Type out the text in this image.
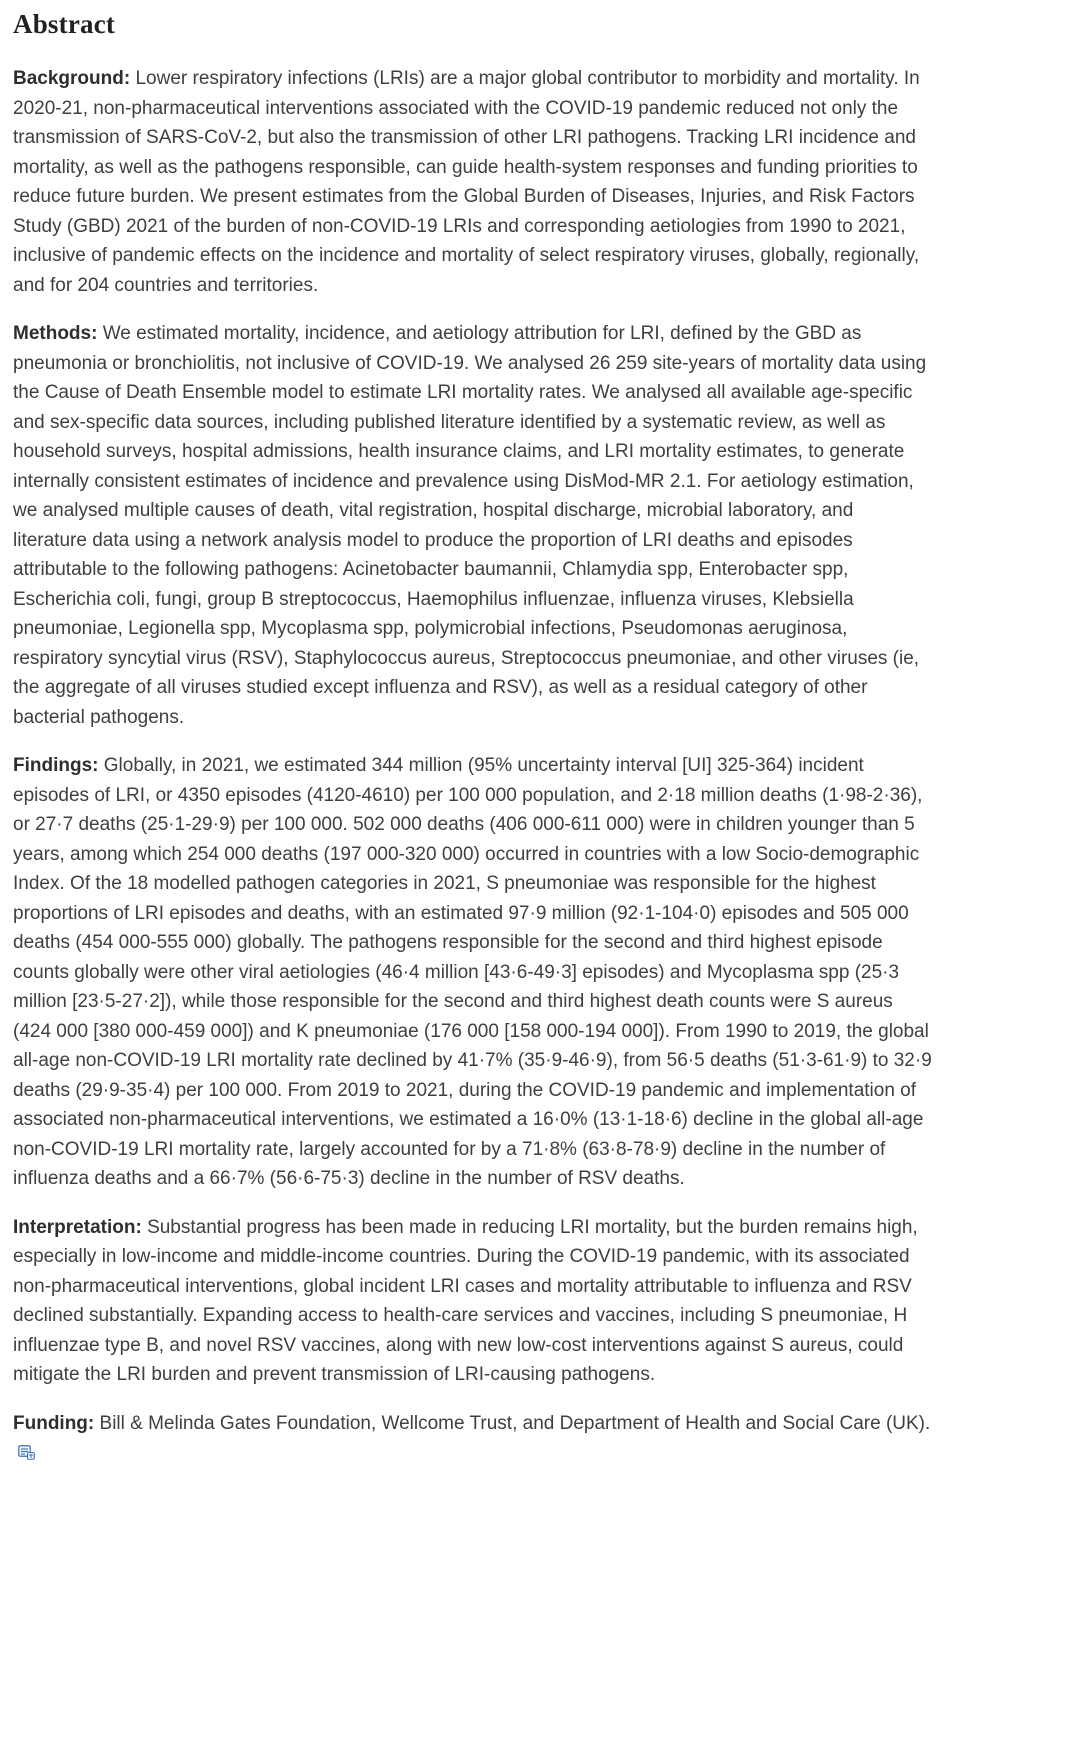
Abstract

Background: Lower respiratory infections (LRIs) are a major global contributor to morbidity and mortality. In 2020-21, non-pharmaceutical interventions associated with the COVID-19 pandemic reduced not only the transmission of SARS-CoV-2, but also the transmission of other LRI pathogens. Tracking LRI incidence and mortality, as well as the pathogens responsible, can guide health-system responses and funding priorities to reduce future burden. We present estimates from the Global Burden of Diseases, Injuries, and Risk Factors Study (GBD) 2021 of the burden of non-COVID-19 LRIs and corresponding aetiologies from 1990 to 2021, inclusive of pandemic effects on the incidence and mortality of select respiratory viruses, globally, regionally, and for 204 countries and territories.

Methods: We estimated mortality, incidence, and aetiology attribution for LRI, defined by the GBD as pneumonia or bronchiolitis, not inclusive of COVID-19. We analysed 26 259 site-years of mortality data using the Cause of Death Ensemble model to estimate LRI mortality rates. We analysed all available age-specific and sex-specific data sources, including published literature identified by a systematic review, as well as household surveys, hospital admissions, health insurance claims, and LRI mortality estimates, to generate internally consistent estimates of incidence and prevalence using DisMod-MR 2.1. For aetiology estimation, we analysed multiple causes of death, vital registration, hospital discharge, microbial laboratory, and literature data using a network analysis model to produce the proportion of LRI deaths and episodes attributable to the following pathogens: Acinetobacter baumannii, Chlamydia spp, Enterobacter spp, Escherichia coli, fungi, group B streptococcus, Haemophilus influenzae, influenza viruses, Klebsiella pneumoniae, Legionella spp, Mycoplasma spp, polymicrobial infections, Pseudomonas aeruginosa, respiratory syncytial virus (RSV), Staphylococcus aureus, Streptococcus pneumoniae, and other viruses (ie, the aggregate of all viruses studied except influenza and RSV), as well as a residual category of other bacterial pathogens.

Findings: Globally, in 2021, we estimated 344 million (95% uncertainty interval [UI] 325-364) incident episodes of LRI, or 4350 episodes (4120-4610) per 100 000 population, and 2·18 million deaths (1·98-2·36), or 27·7 deaths (25·1-29·9) per 100 000. 502 000 deaths (406 000-611 000) were in children younger than 5 years, among which 254 000 deaths (197 000-320 000) occurred in countries with a low Socio-demographic Index. Of the 18 modelled pathogen categories in 2021, S pneumoniae was responsible for the highest proportions of LRI episodes and deaths, with an estimated 97·9 million (92·1-104·0) episodes and 505 000 deaths (454 000-555 000) globally. The pathogens responsible for the second and third highest episode counts globally were other viral aetiologies (46·4 million [43·6-49·3] episodes) and Mycoplasma spp (25·3 million [23·5-27·2]), while those responsible for the second and third highest death counts were S aureus (424 000 [380 000-459 000]) and K pneumoniae (176 000 [158 000-194 000]). From 1990 to 2019, the global all-age non-COVID-19 LRI mortality rate declined by 41·7% (35·9-46·9), from 56·5 deaths (51·3-61·9) to 32·9 deaths (29·9-35·4) per 100 000. From 2019 to 2021, during the COVID-19 pandemic and implementation of associated non-pharmaceutical interventions, we estimated a 16·0% (13·1-18·6) decline in the global all-age non-COVID-19 LRI mortality rate, largely accounted for by a 71·8% (63·8-78·9) decline in the number of influenza deaths and a 66·7% (56·6-75·3) decline in the number of RSV deaths.

Interpretation: Substantial progress has been made in reducing LRI mortality, but the burden remains high, especially in low-income and middle-income countries. During the COVID-19 pandemic, with its associated non-pharmaceutical interventions, global incident LRI cases and mortality attributable to influenza and RSV declined substantially. Expanding access to health-care services and vaccines, including S pneumoniae, H influenzae type B, and novel RSV vaccines, along with new low-cost interventions against S aureus, could mitigate the LRI burden and prevent transmission of LRI-causing pathogens.

Funding: Bill & Melinda Gates Foundation, Wellcome Trust, and Department of Health and Social Care (UK).
